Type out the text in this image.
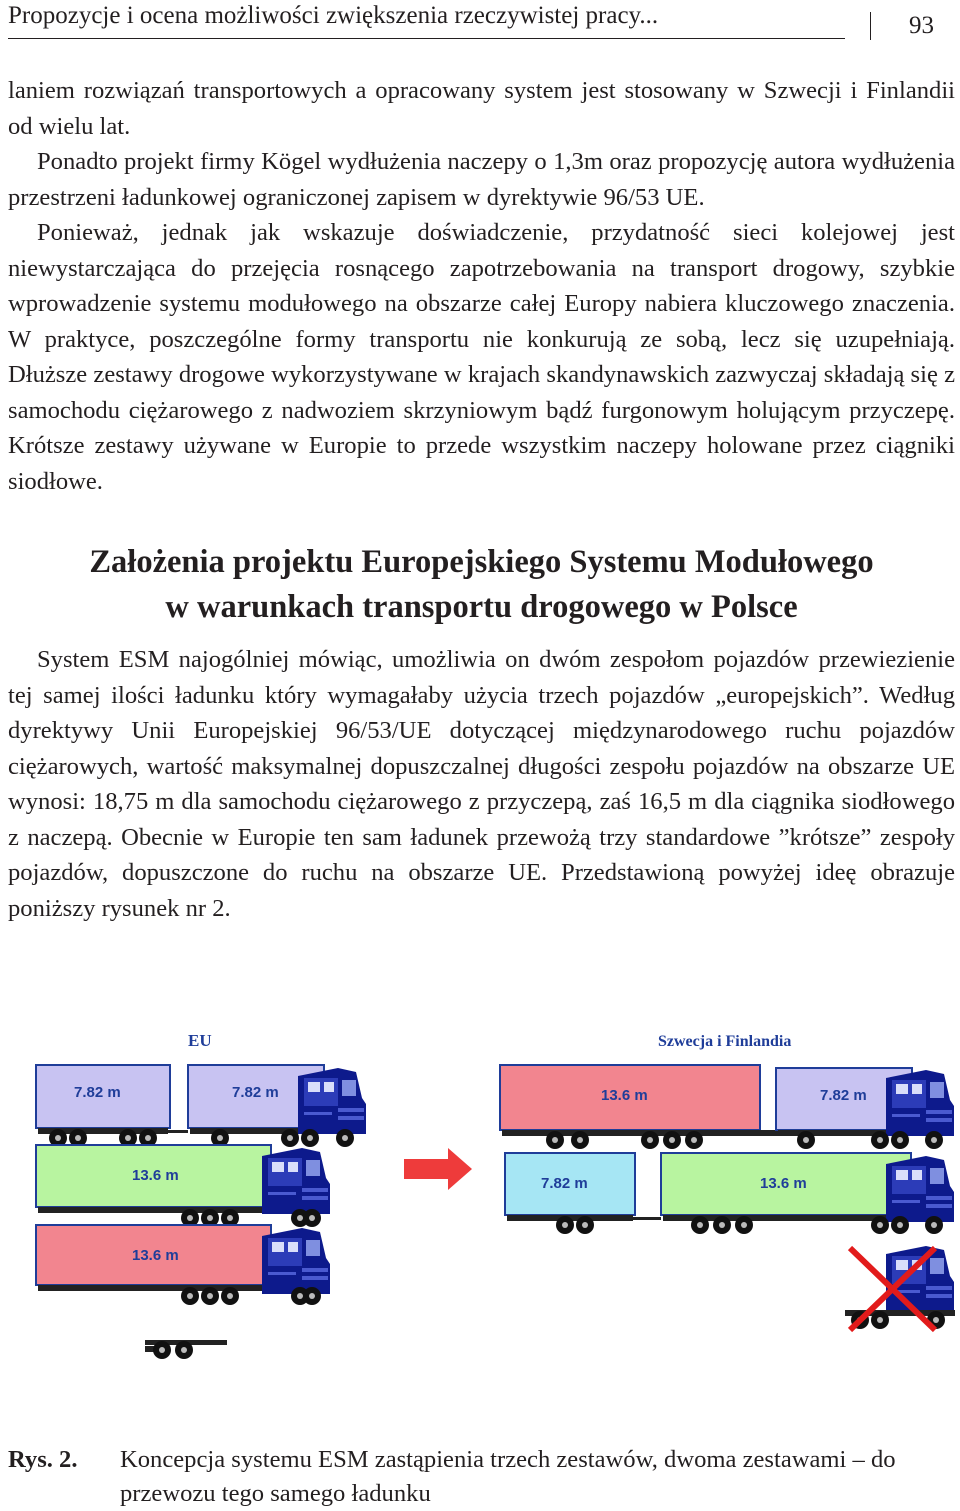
Propozycje i ocena możliwości zwiększenia rzeczywistej pracy...	93

laniem rozwiązań transportowych a opracowany system jest stosowany w Szwecji i Finlandii od wielu lat.

Ponadto projekt firmy Kögel wydłużenia naczepy o 1,3m oraz propozycję autora wydłużenia przestrzeni ładunkowej ograniczonej zapisem w dyrektywie 96/53 UE.

Ponieważ, jednak jak wskazuje doświadczenie, przydatność sieci kolejowej jest niewystarczająca do przejęcia rosnącego zapotrzebowania na transport drogowy, szybkie wprowadzenie systemu modułowego na obszarze całej Europy nabiera kluczowego znaczenia. W praktyce, poszczególne formy transportu nie konkurują ze sobą, lecz się uzupełniają. Dłuższe zestawy drogowe wykorzystywane w krajach skandynawskich zazwyczaj składają się z samochodu ciężarowego z nadwoziem skrzyniowym bądź furgonowym holującym przyczepę. Krótsze zestawy używane w Europie to przede wszystkim naczepy holowane przez ciągniki siodłowe.

Założenia projektu Europejskiego Systemu Modułowego
w warunkach transportu drogowego w Polsce

System ESM najogólniej mówiąc, umożliwia on dwóm zespołom pojazdów przewiezienie tej samej ilości ładunku który wymagałaby użycia trzech pojazdów „europejskich”. Według dyrektywy Unii Europejskiej 96/53/UE dotyczącej międzynarodowego ruchu pojazdów ciężarowych, wartość maksymalnej dopuszczalnej długości zespołu pojazdów na obszarze UE wynosi: 18,75 m dla samochodu ciężarowego z przyczepą, zaś 16,5 m dla ciągnika siodłowego z naczepą. Obecnie w Europie ten sam ładunek przewożą trzy standardowe ”krótsze” zespoły pojazdów, dopuszczone do ruchu na obszarze UE. Przedstawioną powyżej ideę obrazuje poniższy rysunek nr 2.

EU	Szwecja i Finlandia
7.82 m	7.82 m
13.6 m
13.6 m
13.6 m	7.82 m
7.82 m	13.6 m
Rys. 2. Koncepcja systemu ESM zastąpienia trzech zestawów, dwoma zestawami – do przewozu tego samego ładunku
